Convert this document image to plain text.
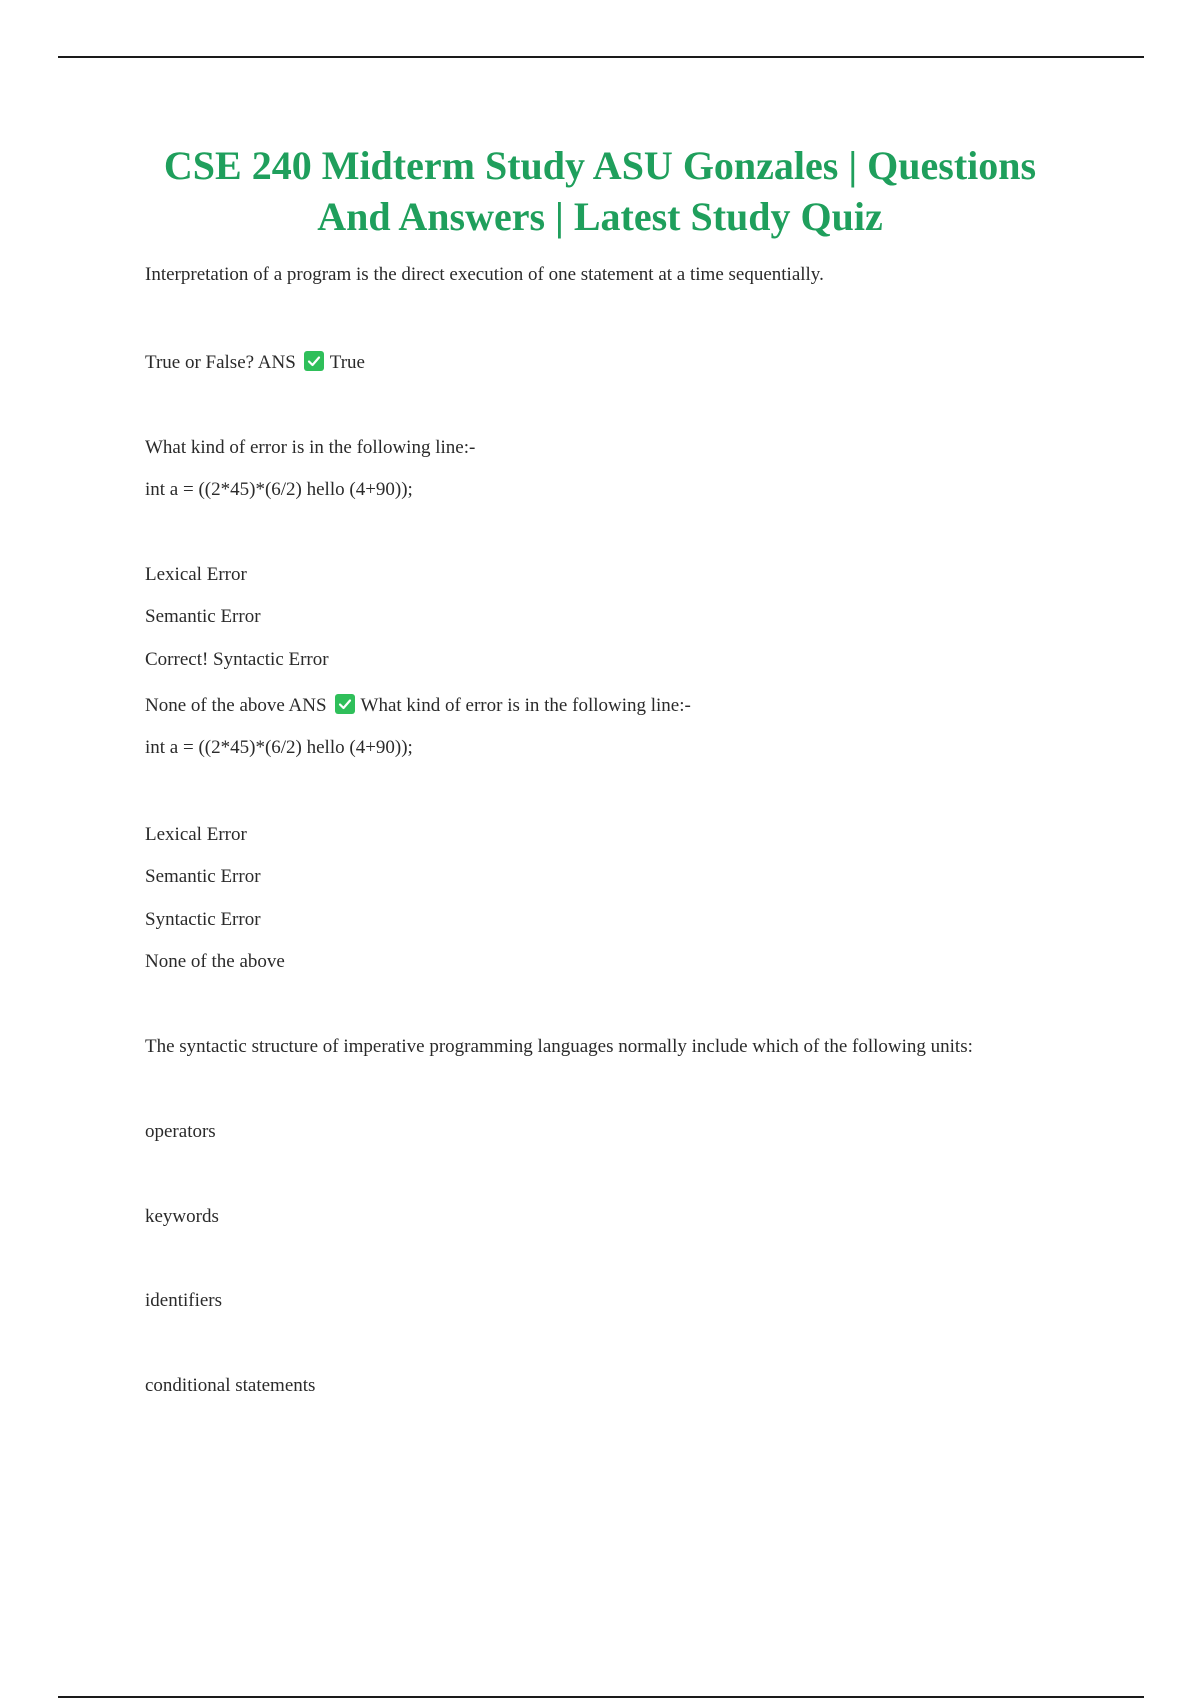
CSE 240 Midterm Study ASU Gonzales | Questions
And Answers | Latest Study Quiz
Interpretation of a program is the direct execution of one statement at a time sequentially.
True or False? ANS True
What kind of error is in the following line:-
int a = ((2*45)*(6/2) hello (4+90));
Lexical Error
Semantic Error
Correct! Syntactic Error
None of the above ANS What kind of error is in the following line:-
int a = ((2*45)*(6/2) hello (4+90));
Lexical Error
Semantic Error
Syntactic Error
None of the above
The syntactic structure of imperative programming languages normally include which of the following units:
operators
keywords
identifiers
conditional statements
